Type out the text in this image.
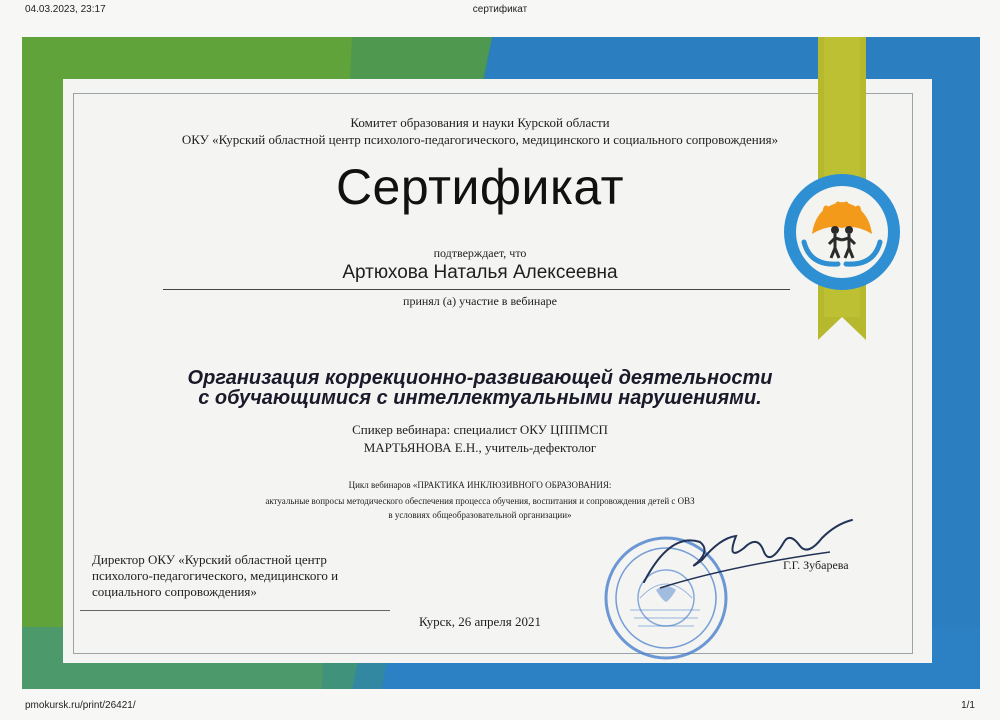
04.03.2023, 23:17	сертификат
Комитет образования и науки Курской области
ОКУ «Курский областной центр психолого-педагогического, медицинского и социального сопровождения»
Сертификат
подтверждает, что
Артюхова Наталья Алексеевна
принял (а) участие в вебинаре
Организация коррекционно-развивающей деятельности
с обучающимися с интеллектуальными нарушениями.
Спикер вебинара: специалист ОКУ ЦППМСП
МАРТЬЯНОВА Е.Н., учитель-дефектолог
Цикл вебинаров «ПРАКТИКА ИНКЛЮЗИВНОГО ОБРАЗОВАНИЯ:
актуальные вопросы методического обеспечения процесса обучения, воспитания и сопровождения детей с ОВЗ
в условиях общеобразовательной организации»
Директор ОКУ «Курский областной центр
психолого-педагогического, медицинского и
социального сопровождения»
Г.Г. Зубарева
Курск, 26 апреля 2021
pmokursk.ru/print/26421/	1/1
